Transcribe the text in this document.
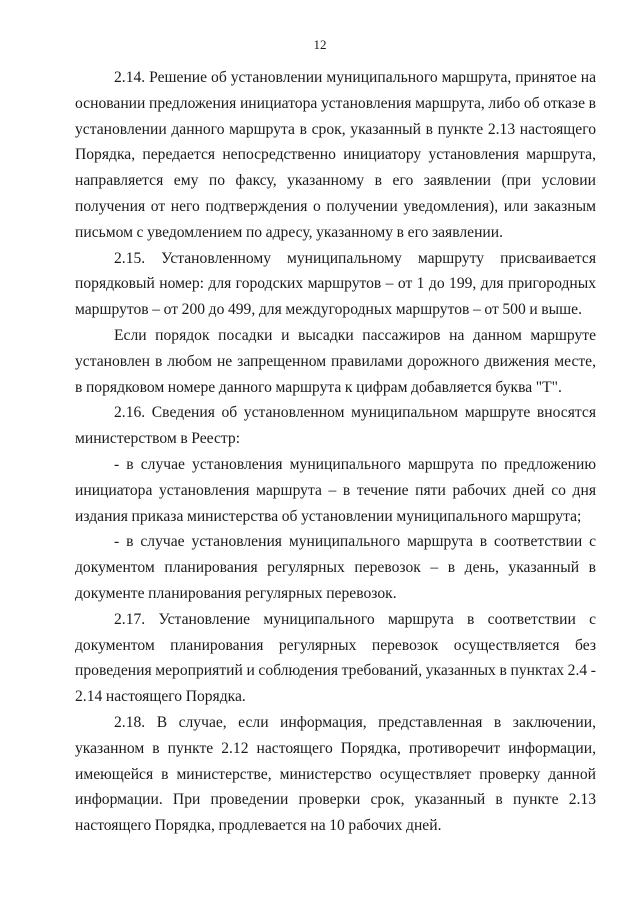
12

2.14. Решение об установлении муниципального маршрута, принятое на основании предложения инициатора установления маршрута, либо об отказе в установлении данного маршрута в срок, указанный в пункте 2.13 настоящего Порядка, передается непосредственно инициатору установления маршрута, направляется ему по факсу, указанному в его заявлении (при условии получения от него подтверждения о получении уведомления), или заказным письмом с уведомлением по адресу, указанному в его заявлении.

2.15. Установленному муниципальному маршруту присваивается порядковый номер: для городских маршрутов – от 1 до 199, для пригородных маршрутов – от 200 до 499, для междугородных маршрутов – от 500 и выше.

Если порядок посадки и высадки пассажиров на данном маршруте установлен в любом не запрещенном правилами дорожного движения месте, в порядковом номере данного маршрута к цифрам добавляется буква "Т".

2.16. Сведения об установленном муниципальном маршруте вносятся министерством в Реестр:

- в случае установления муниципального маршрута по предложению инициатора установления маршрута – в течение пяти рабочих дней со дня издания приказа министерства об установлении муниципального маршрута;

- в случае установления муниципального маршрута в соответствии с документом планирования регулярных перевозок – в день, указанный в документе планирования регулярных перевозок.

2.17. Установление муниципального маршрута в соответствии с документом планирования регулярных перевозок осуществляется без проведения мероприятий и соблюдения требований, указанных в пунктах 2.4 - 2.14 настоящего Порядка.

2.18. В случае, если информация, представленная в заключении, указанном в пункте 2.12 настоящего Порядка, противоречит информации, имеющейся в министерстве, министерство осуществляет проверку данной информации. При проведении проверки срок, указанный в пункте 2.13 настоящего Порядка, продлевается на 10 рабочих дней.
